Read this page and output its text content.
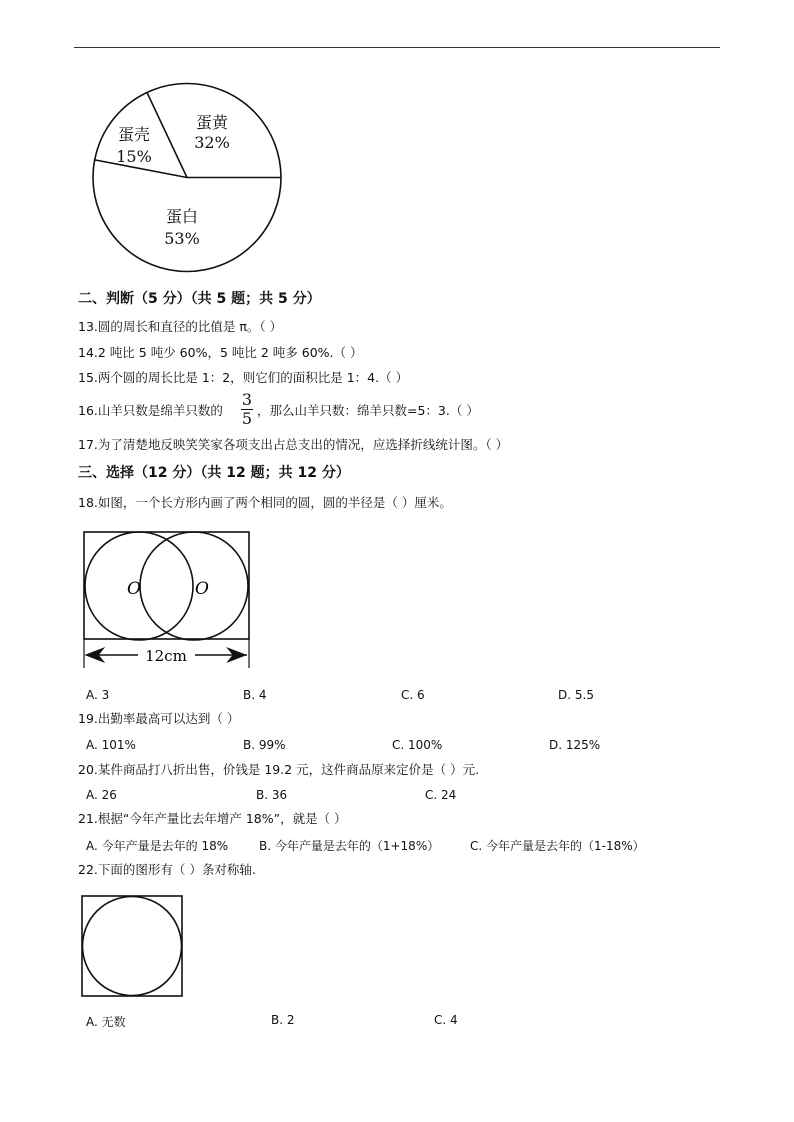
蛋黄
32%
蛋壳
15%
蛋白
53%
二、判断（5 分）（共 5 题；共 5 分）
13.圆的周长和直径的比值是 π。（ ）
14.2 吨比 5 吨少 60%，5 吨比 2 吨多 60%.（ ）
15.两个圆的周长比是 1：2，则它们的面积比是 1：4.（ ）
16.山羊只数是绵羊只数的
3
5 ，那么山羊只数：绵羊只数=5：3.（ ）
17.为了清楚地反映笑笑家各项支出占总支出的情况，应选择折线统计图。（ ）
三、选择（12 分）（共 12 题；共 12 分）
18.如图，一个长方形内画了两个相同的圆，圆的半径是（ ）厘米。
O	O
12cm
A. 3	B. 4	C. 6	D. 5.5
19.出勤率最高可以达到（ ）
A. 101%	B. 99%	C. 100%	D. 125%
20.某件商品打八折出售，价钱是 19.2 元，这件商品原来定价是（ ）元.
A. 26	B. 36	C. 24
21.根据“今年产量比去年增产 18%”，就是（ ）
A. 今年产量是去年的 18%	B. 今年产量是去年的（1+18%）	C. 今年产量是去年的（1-18%）
22.下面的图形有（ ）条对称轴.
A. 无数	B. 2	C. 4
